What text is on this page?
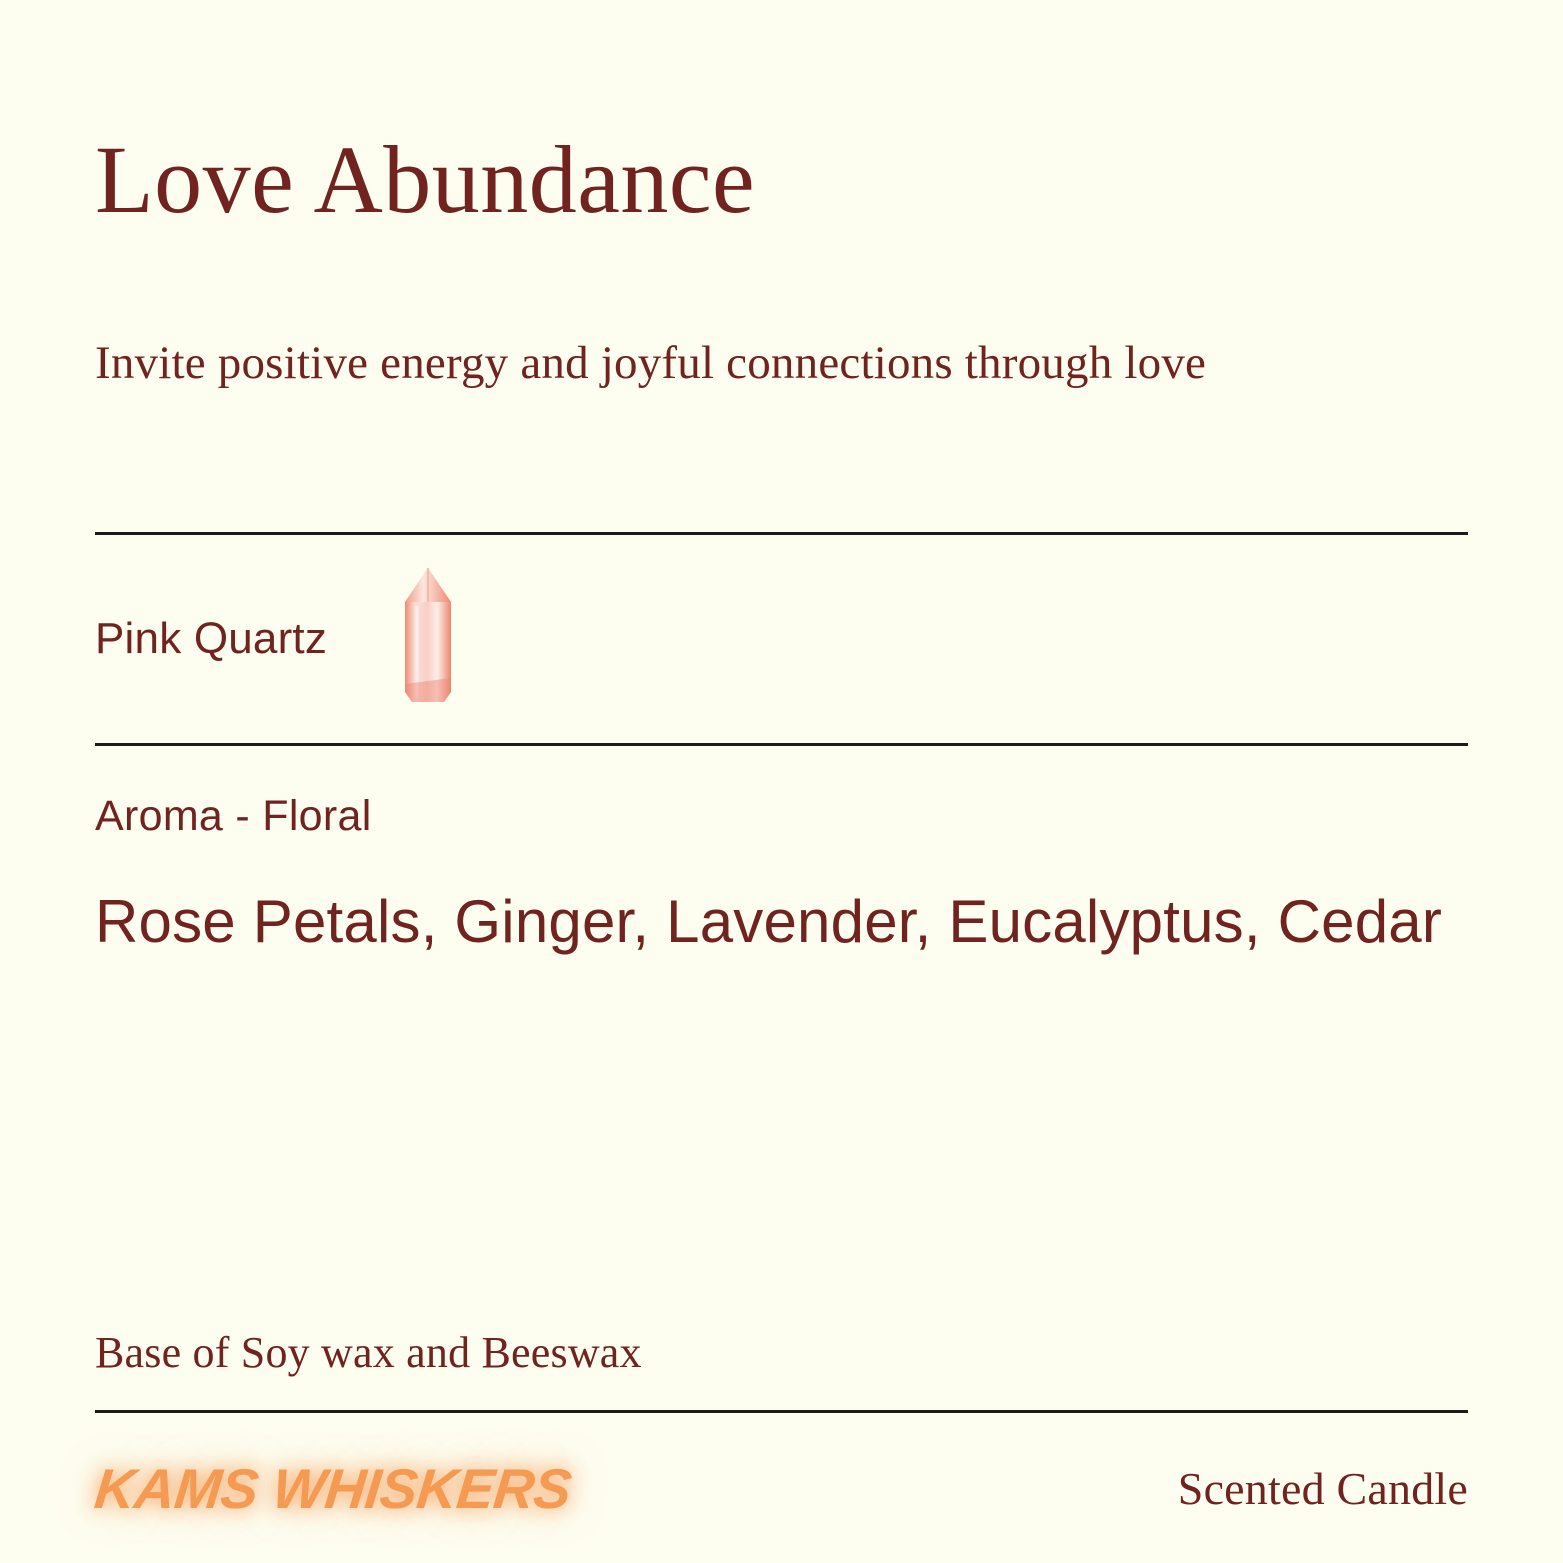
Love Abundance

Invite positive energy and joyful connections through love

Pink Quartz
Aroma - Floral
Rose Petals, Ginger, Lavender, Eucalyptus, Cedar
Base of Soy wax and Beeswax
KAMS WHISKERS	Scented Candle
